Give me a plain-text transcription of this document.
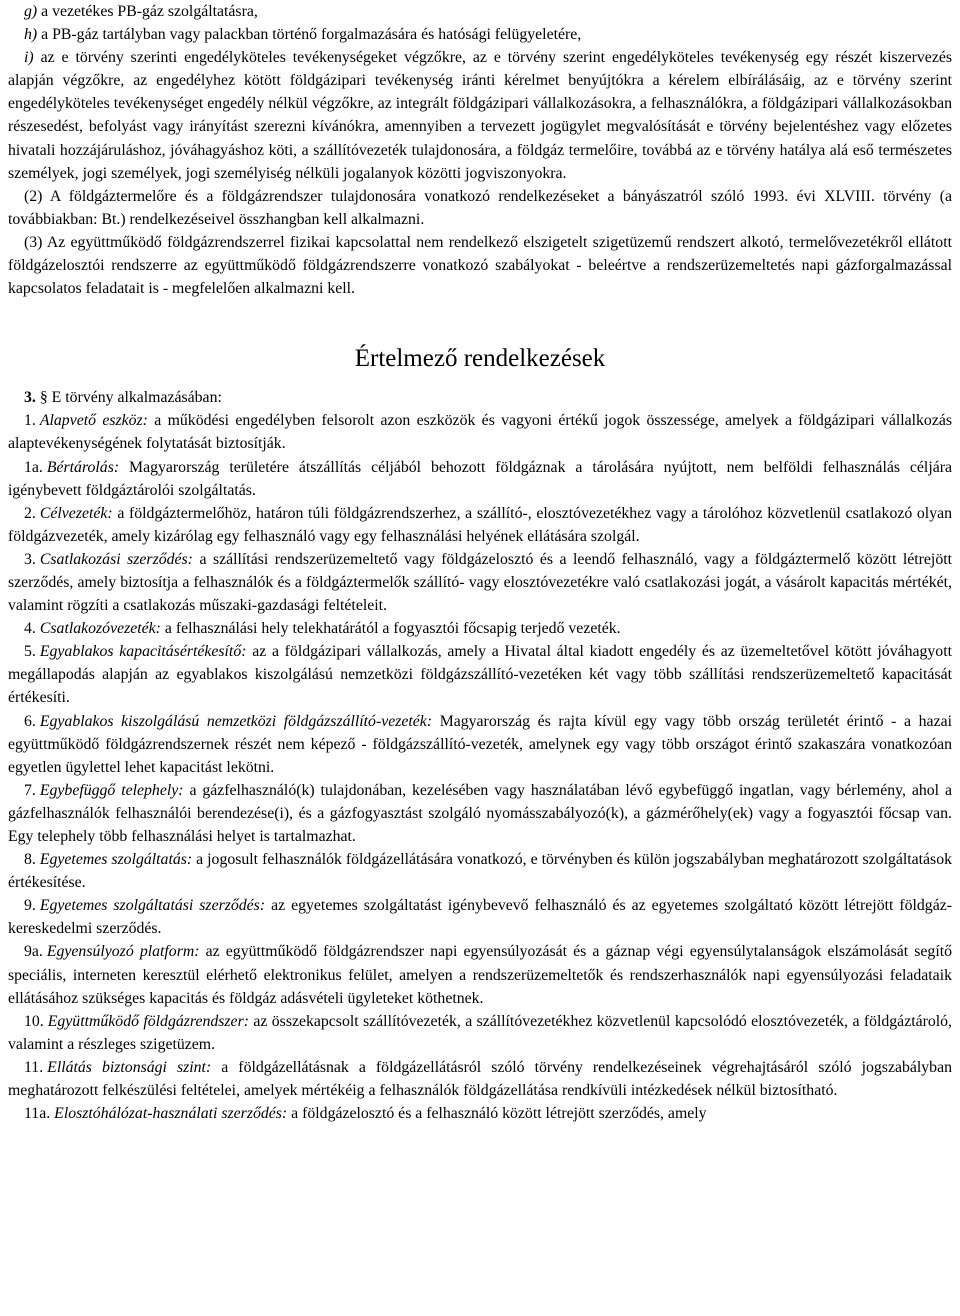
g) a vezetékes PB-gáz szolgáltatásra,

h) a PB-gáz tartályban vagy palackban történő forgalmazására és hatósági felügyeletére,

i) az e törvény szerinti engedélyköteles tevékenységeket végzőkre, az e törvény szerint engedélyköteles tevékenység egy részét kiszervezés alapján végzőkre, az engedélyhez kötött földgázipari tevékenység iránti kérelmet benyújtókra a kérelem elbírálásáig, az e törvény szerint engedélyköteles tevékenységet engedély nélkül végzőkre, az integrált földgázipari vállalkozásokra, a felhasználókra, a földgázipari vállalkozásokban részesedést, befolyást vagy irányítást szerezni kívánókra, amennyiben a tervezett jogügylet megvalósítását e törvény bejelentéshez vagy előzetes hivatali hozzájáruláshoz, jóváhagyáshoz köti, a szállítóvezeték tulajdonosára, a földgáz termelőire, továbbá az e törvény hatálya alá eső természetes személyek, jogi személyek, jogi személyiség nélküli jogalanyok közötti jogviszonyokra.

(2) A földgáztermelőre és a földgázrendszer tulajdonosára vonatkozó rendelkezéseket a bányászatról szóló 1993. évi XLVIII. törvény (a továbbiakban: Bt.) rendelkezéseivel összhangban kell alkalmazni.

(3) Az együttműködő földgázrendszerrel fizikai kapcsolattal nem rendelkező elszigetelt szigetüzemű rendszert alkotó, termelővezetékről ellátott földgázelosztói rendszerre az együttműködő földgázrendszerre vonatkozó szabályokat - beleértve a rendszerüzemeltetés napi gázforgalmazással kapcsolatos feladatait is - megfelelően alkalmazni kell.

Értelmező rendelkezések

3. § E törvény alkalmazásában:

1. Alapvető eszköz: a működési engedélyben felsorolt azon eszközök és vagyoni értékű jogok összessége, amelyek a földgázipari vállalkozás alaptevékenységének folytatását biztosítják.

1a. Bértárolás: Magyarország területére átszállítás céljából behozott földgáznak a tárolására nyújtott, nem belföldi felhasználás céljára igénybevett földgáztárolói szolgáltatás.

2. Célvezeték: a földgáztermelőhöz, határon túli földgázrendszerhez, a szállító-, elosztóvezetékhez vagy a tárolóhoz közvetlenül csatlakozó olyan földgázvezeték, amely kizárólag egy felhasználó vagy egy felhasználási helyének ellátására szolgál.

3. Csatlakozási szerződés: a szállítási rendszerüzemeltető vagy földgázelosztó és a leendő felhasználó, vagy a földgáztermelő között létrejött szerződés, amely biztosítja a felhasználók és a földgáztermelők szállító- vagy elosztóvezetékre való csatlakozási jogát, a vásárolt kapacitás mértékét, valamint rögzíti a csatlakozás műszaki-gazdasági feltételeit.

4. Csatlakozóvezeték: a felhasználási hely telekhatárától a fogyasztói főcsapig terjedő vezeték.

5. Egyablakos kapacitásértékesítő: az a földgázipari vállalkozás, amely a Hivatal által kiadott engedély és az üzemeltetővel kötött jóváhagyott megállapodás alapján az egyablakos kiszolgálású nemzetközi földgázszállító-vezetéken két vagy több szállítási rendszerüzemeltető kapacitását értékesíti.

6. Egyablakos kiszolgálású nemzetközi földgázszállító-vezeték: Magyarország és rajta kívül egy vagy több ország területét érintő - a hazai együttműködő földgázrendszernek részét nem képező - földgázszállító-vezeték, amelynek egy vagy több országot érintő szakaszára vonatkozóan egyetlen ügylettel lehet kapacitást lekötni.

7. Egybefüggő telephely: a gázfelhasználó(k) tulajdonában, kezelésében vagy használatában lévő egybefüggő ingatlan, vagy bérlemény, ahol a gázfelhasználók felhasználói berendezése(i), és a gázfogyasztást szolgáló nyomásszabályozó(k), a gázmérőhely(ek) vagy a fogyasztói főcsap van. Egy telephely több felhasználási helyet is tartalmazhat.

8. Egyetemes szolgáltatás: a jogosult felhasználók földgázellátására vonatkozó, e törvényben és külön jogszabályban meghatározott szolgáltatások értékesítése.

9. Egyetemes szolgáltatási szerződés: az egyetemes szolgáltatást igénybevevő felhasználó és az egyetemes szolgáltató között létrejött földgáz-kereskedelmi szerződés.

9a. Egyensúlyozó platform: az együttműködő földgázrendszer napi egyensúlyozását és a gáznap végi egyensúlytalanságok elszámolását segítő speciális, interneten keresztül elérhető elektronikus felület, amelyen a rendszerüzemeltetők és rendszerhasználók napi egyensúlyozási feladataik ellátásához szükséges kapacitás és földgáz adásvételi ügyleteket köthetnek.

10. Együttműködő földgázrendszer: az összekapcsolt szállítóvezeték, a szállítóvezetékhez közvetlenül kapcsolódó elosztóvezeték, a földgáztároló, valamint a részleges szigetüzem.

11. Ellátás biztonsági szint: a földgázellátásnak a földgázellátásról szóló törvény rendelkezéseinek végrehajtásáról szóló jogszabályban meghatározott felkészülési feltételei, amelyek mértékéig a felhasználók földgázellátása rendkívüli intézkedések nélkül biztosítható.

11a. Elosztóhálózat-használati szerződés: a földgázelosztó és a felhasználó között létrejött szerződés, amely
